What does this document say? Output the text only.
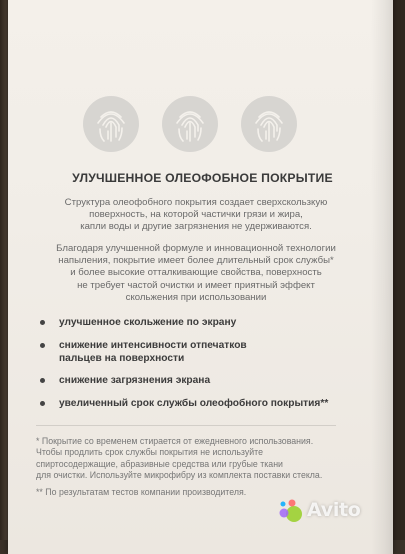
УЛУЧШЕННОЕ ОЛЕОФОБНОЕ ПОКРЫТИЕ
Структура олеофобного покрытия создает сверхскользкую
поверхность, на которой частички грязи и жира,
капли воды и другие загрязнения не удерживаются.
Благодаря улучшенной формуле и инновационной технологии
напыления, покрытие имеет более длительный срок службы*
и более высокие отталкивающие свойства, поверхность
не требует частой очистки и имеет приятный эффект
скольжения при использовании
улучшенное скольжение по экрану
снижение интенсивности отпечатков
пальцев на поверхности
снижение загрязнения экрана
увеличенный срок службы олеофобного покрытия**
* Покрытие со временем стирается от ежедневного использования.
Чтобы продлить срок службы покрытия не используйте
спиртосодержащие, абразивные средства или грубые ткани
для очистки. Используйте микрофибру из комплекта поставки стекла.
** По результатам тестов компании производителя.
Avito
